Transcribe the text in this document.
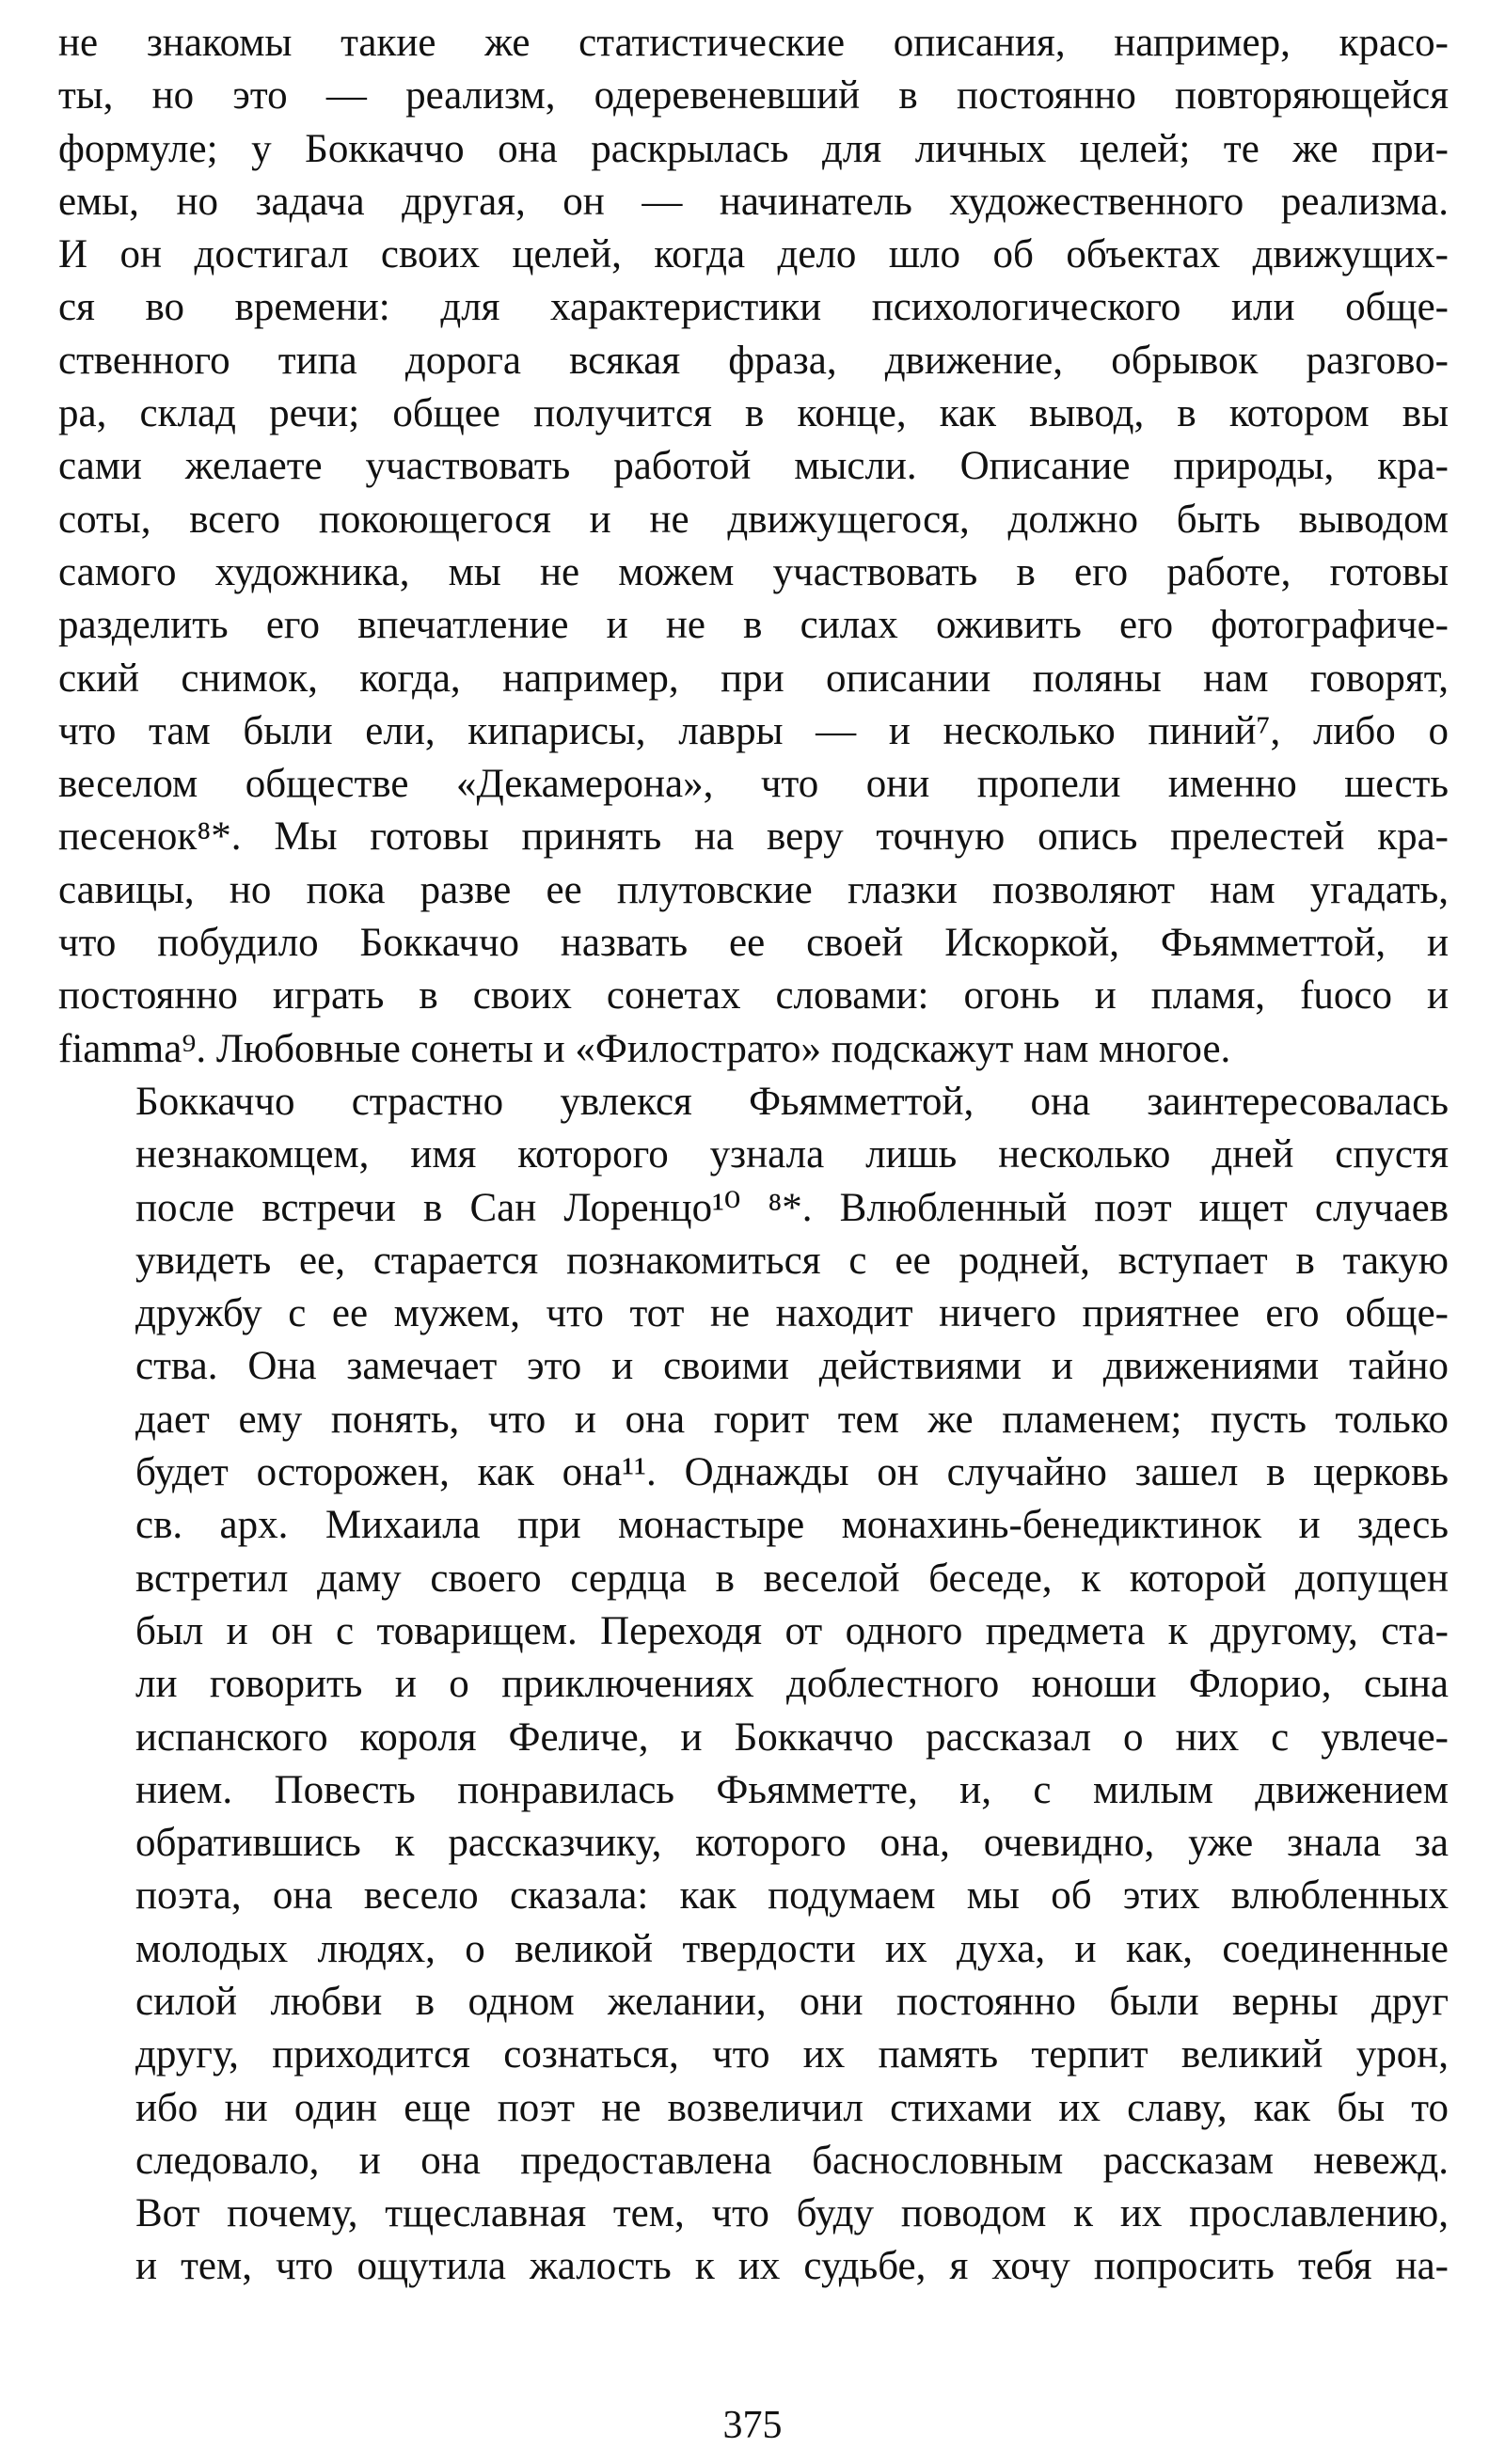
не знакомы такие же статистические описания, например, красо-
ты, но это — реализм, одеревеневший в постоянно повторяющейся
формуле; у Боккаччо она раскрылась для личных целей; те же при-
емы, но задача другая, он — начинатель художественного реализма.
И он достигал своих целей, когда дело шло об объектах движущих-
ся во времени: для характеристики психологического или обще-
ственного типа дорога всякая фраза, движение, обрывок разгово-
ра, склад речи; общее получится в конце, как вывод, в котором вы
сами желаете участвовать работой мысли. Описание природы, кра-
соты, всего покоющегося и не движущегося, должно быть выводом
самого художника, мы не можем участвовать в его работе, готовы
разделить его впечатление и не в силах оживить его фотографиче-
ский снимок, когда, например, при описании поляны нам говорят,
что там были ели, кипарисы, лавры — и несколько пиний⁷, либо о
веселом обществе «Декамерона», что они пропели именно шесть
песенок⁸*. Мы готовы принять на веру точную опись прелестей кра-
савицы, но пока разве ее плутовские глазки позволяют нам угадать,
что побудило Боккаччо назвать ее своей Искоркой, Фьямметтой, и
постоянно играть в своих сонетах словами: огонь и пламя, fuoco и
fiamma⁹. Любовные сонеты и «Филострато» подскажут нам многое.
Боккаччо страстно увлекся Фьямметтой, она заинтересовалась
незнакомцем, имя которого узнала лишь несколько дней спустя
после встречи в Сан Лоренцо¹⁰ ⁸*. Влюбленный поэт ищет случаев
увидеть ее, старается познакомиться с ее родней, вступает в такую
дружбу с ее мужем, что тот не находит ничего приятнее его обще-
ства. Она замечает это и своими действиями и движениями тайно
дает ему понять, что и она горит тем же пламенем; пусть только
будет осторожен, как она¹¹. Однажды он случайно зашел в церковь
св. арх. Михаила при монастыре монахинь-бенедиктинок и здесь
встретил даму своего сердца в веселой беседе, к которой допущен
был и он с товарищем. Переходя от одного предмета к другому, ста-
ли говорить и о приключениях доблестного юноши Флорио, сына
испанского короля Феличе, и Боккаччо рассказал о них с увлече-
нием. Повесть понравилась Фьямметте, и, с милым движением
обратившись к рассказчику, которого она, очевидно, уже знала за
поэта, она весело сказала: как подумаем мы об этих влюбленных
молодых людях, о великой твердости их духа, и как, соединенные
силой любви в одном желании, они постоянно были верны друг
другу, приходится сознаться, что их память терпит великий урон,
ибо ни один еще поэт не возвеличил стихами их славу, как бы то
следовало, и она предоставлена баснословным рассказам невежд.
Вот почему, тщеславная тем, что буду поводом к их прославлению,
и тем, что ощутила жалость к их судьбе, я хочу попросить тебя на-
375
